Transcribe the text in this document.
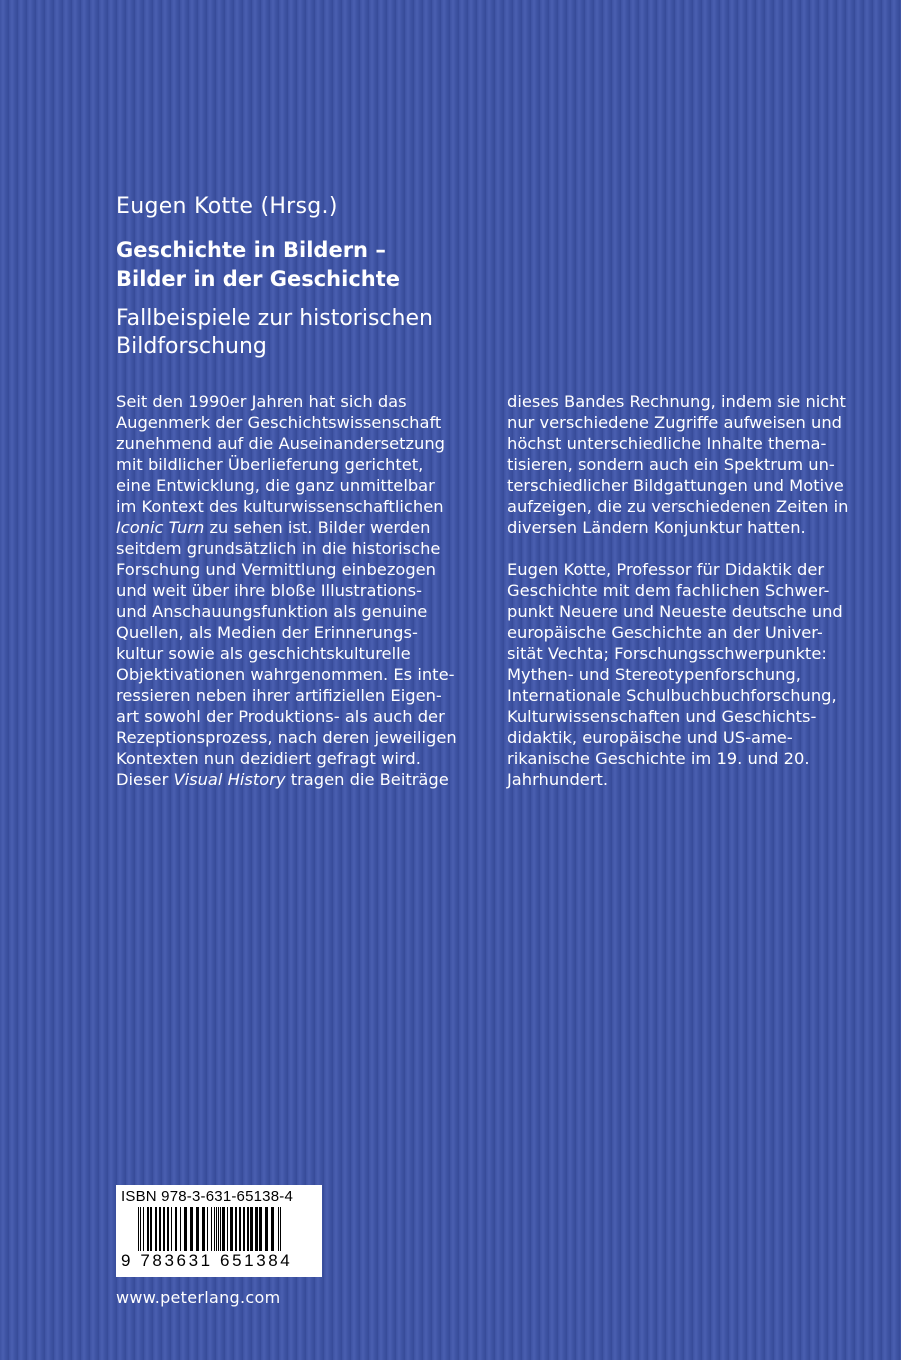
Eugen Kotte (Hrsg.)
Geschichte in Bildern –
Bilder in der Geschichte
Fallbeispiele zur historischen
Bildforschung
Seit den 1990er Jahren hat sich das
Augenmerk der Geschichtswissenschaft
zunehmend auf die Auseinandersetzung
mit bildlicher Überlieferung gerichtet,
eine Entwicklung, die ganz unmittelbar
im Kontext des kulturwissenschaftlichen
Iconic Turn zu sehen ist. Bilder werden
seitdem grundsätzlich in die historische
Forschung und Vermittlung einbezogen
und weit über ihre bloße Illustrations-
und Anschauungsfunktion als genuine
Quellen, als Medien der Erinnerungs-
kultur sowie als geschichtskulturelle
Objektivationen wahrgenommen. Es inte-
ressieren neben ihrer artifiziellen Eigen-
art sowohl der Produktions- als auch der
Rezeptionsprozess, nach deren jeweiligen
Kontexten nun dezidiert gefragt wird.
Dieser Visual History tragen die Beiträge
dieses Bandes Rechnung, indem sie nicht
nur verschiedene Zugriffe aufweisen und
höchst unterschiedliche Inhalte thema-
tisieren, sondern auch ein Spektrum un-
terschiedlicher Bildgattungen und Motive
aufzeigen, die zu verschiedenen Zeiten in
diversen Ländern Konjunktur hatten.
Eugen Kotte, Professor für Didaktik der
Geschichte mit dem fachlichen Schwer-
punkt Neuere und Neueste deutsche und
europäische Geschichte an der Univer-
sität Vechta; Forschungsschwerpunkte:
Mythen- und Stereotypenforschung,
Internationale Schulbuchbuchforschung,
Kulturwissenschaften und Geschichts-
didaktik, europäische und US-ame-
rikanische Geschichte im 19. und 20.
Jahrhundert.
ISBN 978-3-631-65138-4
9 783631 651384
www.peterlang.com
